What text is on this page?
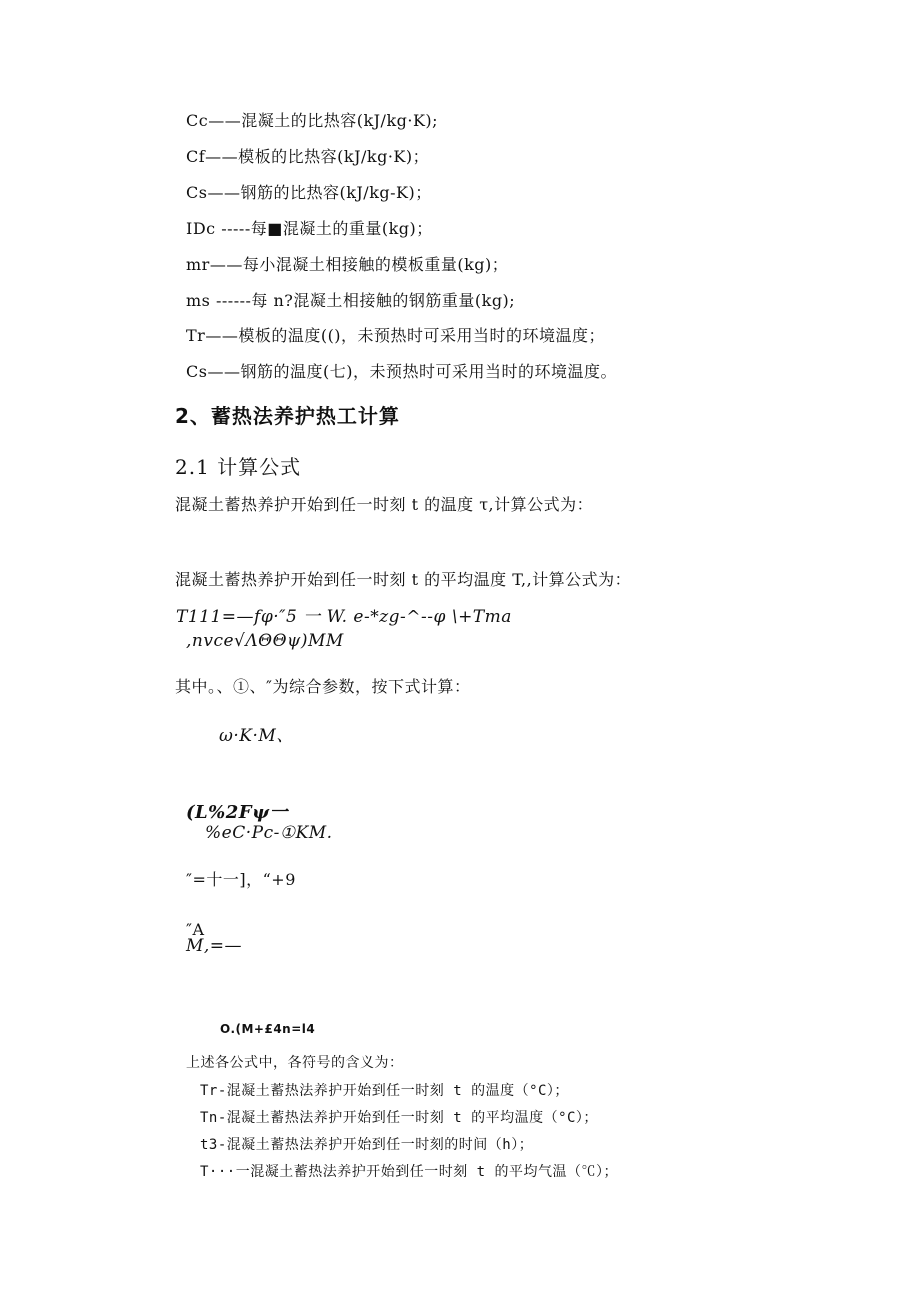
Cc——混凝土的比热容(kJ/kg·K);
Cf——模板的比热容(kJ/kg·K)；
Cs——钢筋的比热容(kJ/kg-K)；
IDc -----每■混凝土的重量(kg)；
mr——每小混凝土相接触的模板重量(kg)；
ms ------每 n?混凝土相接触的钢筋重量(kg);
Tr——模板的温度(()，未预热时可采用当时的环境温度；
Cs——钢筋的温度(七)，未预热时可采用当时的环境温度。
2、蓄热法养护热工计算
2.1 计算公式
混凝土蓄热养护开始到任一时刻 t 的温度 τ,计算公式为：
混凝土蓄热养护开始到任一时刻 t 的平均温度 T,,计算公式为：
T111=—fφ·″5 一 W. e-*zg-^--φ \+Tma
,nvce√ΛΘΘψ)MM
其中。、①、″为综合参数，按下式计算：
ω·K·M、
(L%2Fψ一
%eC·Pc-①KM.
″=十一]，“+9
″A
M,=—
O.(M+£4n=l4
上述各公式中，各符号的含义为：
Tr-混凝土蓄热法养护开始到任一时刻 t 的温度（°C）；
Tn-混凝土蓄热法养护开始到任一时刻 t 的平均温度（°C）；
t3-混凝土蓄热法养护开始到任一时刻的时间（h）；
T···一混凝土蓄热法养护开始到任一时刻 t 的平均气温（℃）；
